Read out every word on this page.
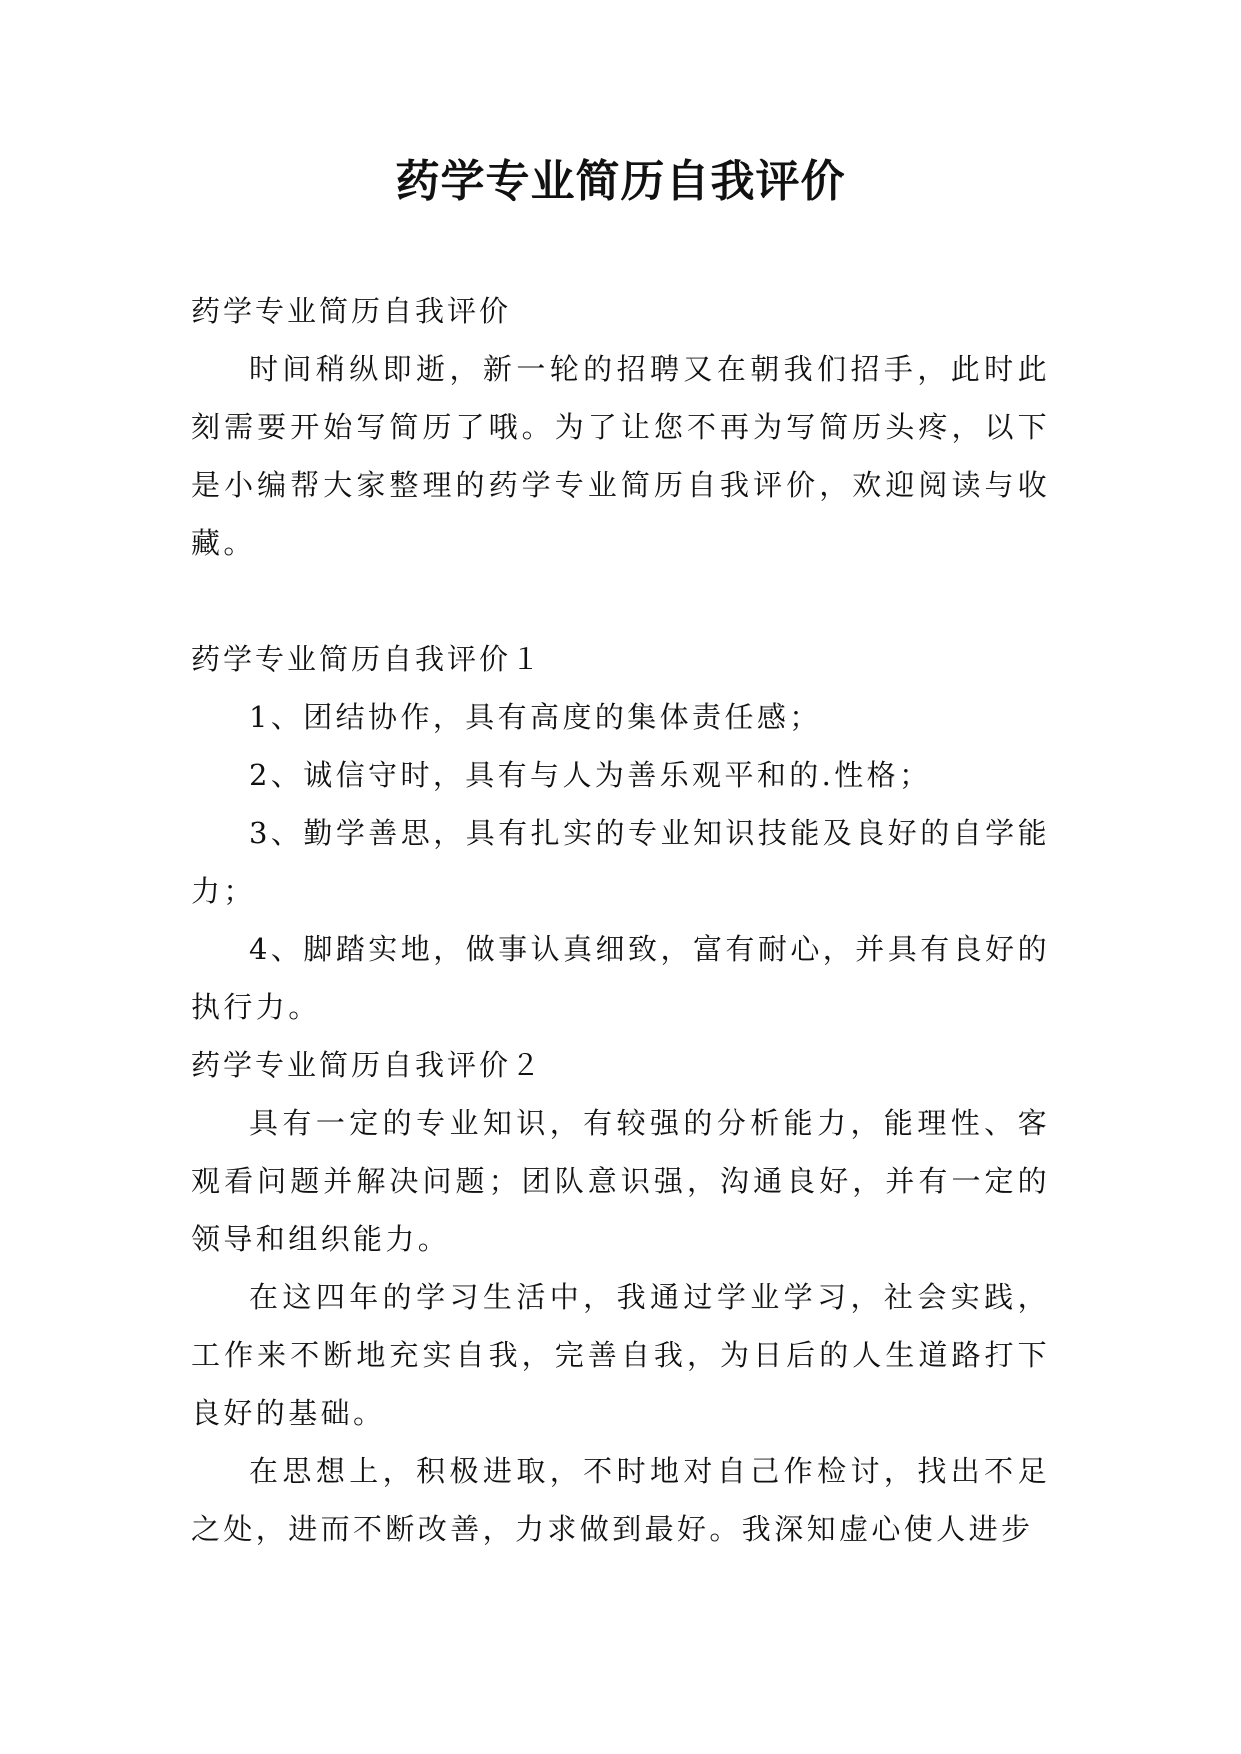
药学专业简历自我评价
药学专业简历自我评价

时间稍纵即逝，新一轮的招聘又在朝我们招手，此时此刻需要开始写简历了哦。为了让您不再为写简历头疼，以下是小编帮大家整理的药学专业简历自我评价，欢迎阅读与收藏。

药学专业简历自我评价１

1、团结协作，具有高度的集体责任感；

2、诚信守时，具有与人为善乐观平和的.性格；

3、勤学善思，具有扎实的专业知识技能及良好的自学能力；

4、脚踏实地，做事认真细致，富有耐心，并具有良好的执行力。

药学专业简历自我评价２

具有一定的专业知识，有较强的分析能力，能理性、客观看问题并解决问题；团队意识强，沟通良好，并有一定的领导和组织能力。

在这四年的学习生活中，我通过学业学习，社会实践，工作来不断地充实自我，完善自我，为日后的人生道路打下良好的基础。

在思想上，积极进取，不时地对自己作检讨，找出不足之处，进而不断改善，力求做到最好。我深知虚心使人进步
